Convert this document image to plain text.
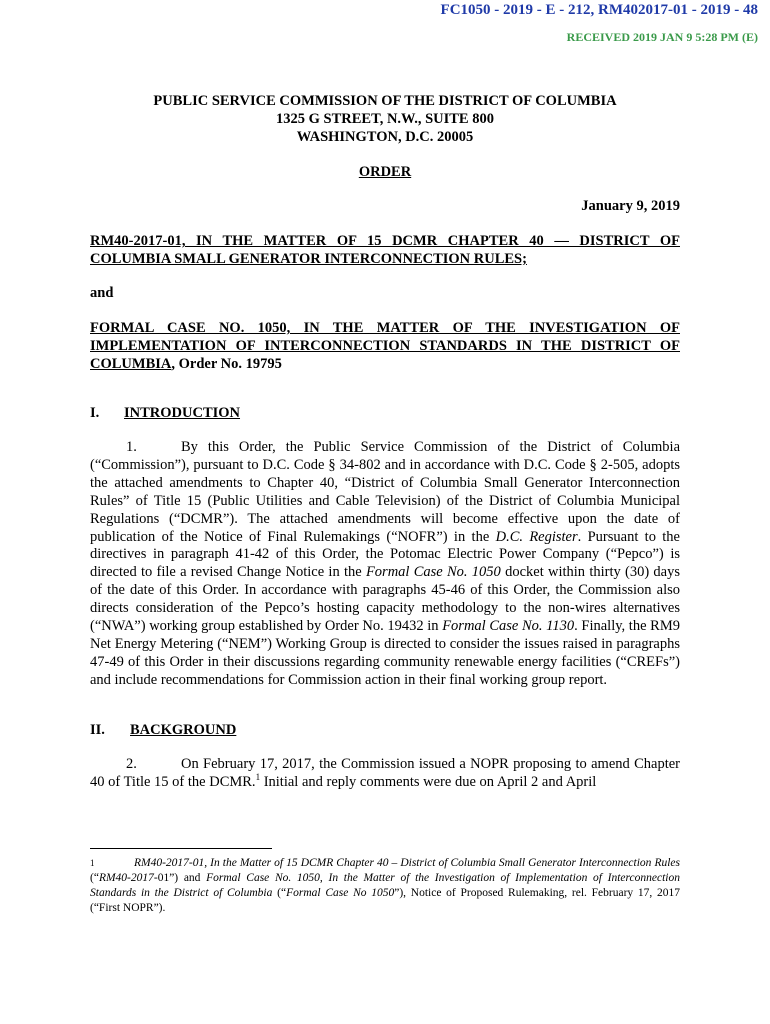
FC1050 - 2019 - E - 212, RM402017-01 - 2019 - 48
RECEIVED 2019 JAN 9 5:28 PM (E)
PUBLIC SERVICE COMMISSION OF THE DISTRICT OF COLUMBIA
1325 G STREET, N.W., SUITE 800
WASHINGTON, D.C. 20005
ORDER
January 9, 2019
RM40-2017-01, IN THE MATTER OF 15 DCMR CHAPTER 40 — DISTRICT OF COLUMBIA SMALL GENERATOR INTERCONNECTION RULES;
and
FORMAL CASE NO. 1050, IN THE MATTER OF THE INVESTIGATION OF IMPLEMENTATION OF INTERCONNECTION STANDARDS IN THE DISTRICT OF COLUMBIA, Order No. 19795
I.	INTRODUCTION
1.	By this Order, the Public Service Commission of the District of Columbia (“Commission”), pursuant to D.C. Code § 34-802 and in accordance with D.C. Code § 2-505, adopts the attached amendments to Chapter 40, “District of Columbia Small Generator Interconnection Rules” of Title 15 (Public Utilities and Cable Television) of the District of Columbia Municipal Regulations (“DCMR”). The attached amendments will become effective upon the date of publication of the Notice of Final Rulemakings (“NOFR”) in the D.C. Register. Pursuant to the directives in paragraph 41-42 of this Order, the Potomac Electric Power Company (“Pepco”) is directed to file a revised Change Notice in the Formal Case No. 1050 docket within thirty (30) days of the date of this Order. In accordance with paragraphs 45-46 of this Order, the Commission also directs consideration of the Pepco’s hosting capacity methodology to the non-wires alternatives (“NWA”) working group established by Order No. 19432 in Formal Case No. 1130. Finally, the RM9 Net Energy Metering (“NEM”) Working Group is directed to consider the issues raised in paragraphs 47-49 of this Order in their discussions regarding community renewable energy facilities (“CREFs”) and include recommendations for Commission action in their final working group report.
II.	BACKGROUND
2.	On February 17, 2017, the Commission issued a NOPR proposing to amend Chapter 40 of Title 15 of the DCMR.$^1$ Initial and reply comments were due on April 2 and April
1	RM40-2017-01, In the Matter of 15 DCMR Chapter 40 – District of Columbia Small Generator Interconnection Rules (“RM40-2017-01”) and Formal Case No. 1050, In the Matter of the Investigation of Implementation of Interconnection Standards in the District of Columbia (“Formal Case No 1050”), Notice of Proposed Rulemaking, rel. February 17, 2017 (“First NOPR”).
